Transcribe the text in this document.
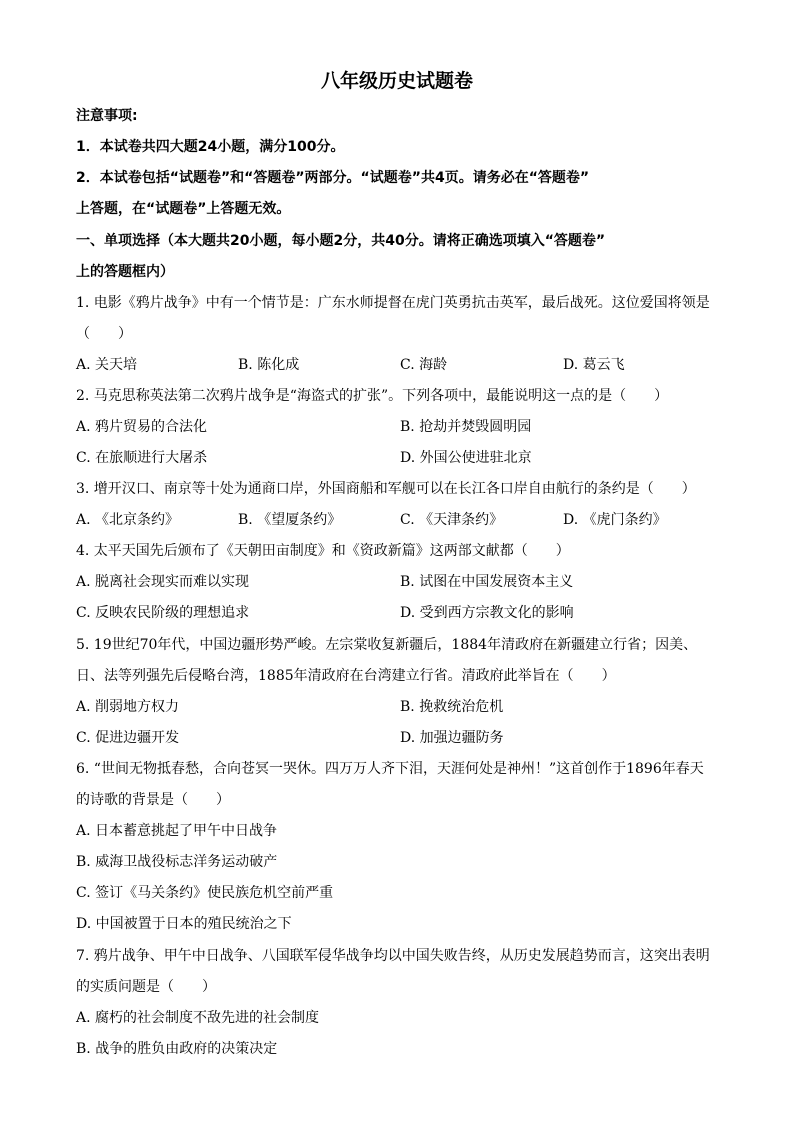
八年级历史试题卷
注意事项:
1．本试卷共四大题24小题，满分100分。
2．本试卷包括“试题卷”和“答题卷”两部分。“试题卷”共4页。请务必在“答题卷”
上答题，在“试题卷”上答题无效。
一、单项选择（本大题共20小题，每小题2分，共40分。请将正确选项填入“答题卷”
上的答题框内）
1. 电影《鸦片战争》中有一个情节是：广东水师提督在虎门英勇抗击英军，最后战死。这位爱国将领是
（　　）
A. 关天培	B. 陈化成	C. 海龄	D. 葛云飞
2. 马克思称英法第二次鸦片战争是“海盗式的扩张”。下列各项中，最能说明这一点的是（　　）
A. 鸦片贸易的合法化	B. 抢劫并焚毁圆明园
C. 在旅顺进行大屠杀	D. 外国公使进驻北京
3. 增开汉口、南京等十处为通商口岸，外国商船和军舰可以在长江各口岸自由航行的条约是（　　）
A. 《北京条约》	B. 《望厦条约》	C. 《天津条约》	D. 《虎门条约》
4. 太平天国先后颁布了《天朝田亩制度》和《资政新篇》这两部文献都（　　）
A. 脱离社会现实而难以实现	B. 试图在中国发展资本主义
C. 反映农民阶级的理想追求	D. 受到西方宗教文化的影响
5. 19世纪70年代，中国边疆形势严峻。左宗棠收复新疆后，1884年清政府在新疆建立行省；因美、
日、法等列强先后侵略台湾，1885年清政府在台湾建立行省。清政府此举旨在（　　）
A. 削弱地方权力	B. 挽救统治危机
C. 促进边疆开发	D. 加强边疆防务
6. “世间无物抵春愁，合向苍冥一哭休。四万万人齐下泪，天涯何处是神州！”这首创作于1896年春天
的诗歌的背景是（　　）
A. 日本蓄意挑起了甲午中日战争
B. 威海卫战役标志洋务运动破产
C. 签订《马关条约》使民族危机空前严重
D. 中国被置于日本的殖民统治之下
7. 鸦片战争、甲午中日战争、八国联军侵华战争均以中国失败告终，从历史发展趋势而言，这突出表明
的实质问题是（　　）
A. 腐朽的社会制度不敌先进的社会制度
B. 战争的胜负由政府的决策决定
